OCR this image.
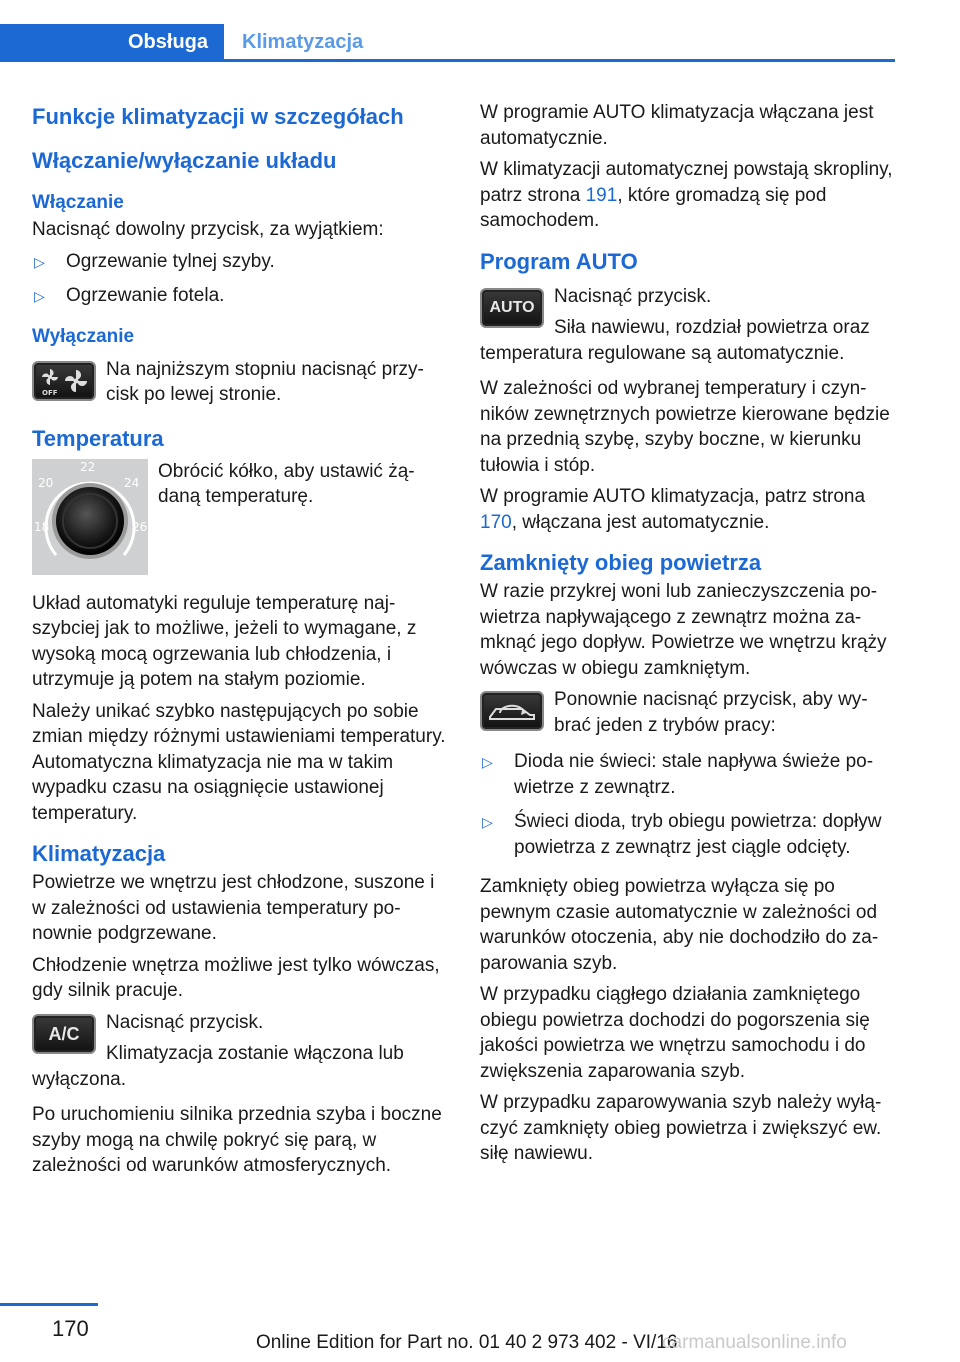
Obsługa	Klimatyzacja
Funkcje klimatyzacji w szczegółach
Włączanie/wyłączanie układu
Włączanie

Nacisnąć dowolny przycisk, za wyjątkiem:

▷ Ogrzewanie tylnej szyby.
▷ Ogrzewanie fotela.
Wyłączanie
OFF

Na najniższym stopniu nacisnąć przycisk po lewej stronie.

Temperatura
22
20	24
18	26

Obrócić kółko, aby ustawić żądaną temperaturę.

Układ automatyki reguluje temperaturę najszybciej jak to możliwe, jeżeli to wymagane, z wysoką mocą ogrzewania lub chłodzenia, i utrzymuje ją potem na stałym poziomie.

Należy unikać szybko następujących po sobie zmian między różnymi ustawieniami temperatury. Automatyczna klimatyzacja nie ma w takim wypadku czasu na osiągnięcie ustawionej temperatury.

Klimatyzacja

Powietrze we wnętrzu jest chłodzone, suszone i w zależności od ustawienia temperatury ponownie podgrzewane.

Chłodzenie wnętrza możliwe jest tylko wówczas, gdy silnik pracuje.

A/C

Nacisnąć przycisk.

Klimatyzacja zostanie włączona lub wyłączona.

Po uruchomieniu silnika przednia szyba i boczne szyby mogą na chwilę pokryć się parą, w zależności od warunków atmosferycznych.

W programie AUTO klimatyzacja włączana jest automatycznie.

W klimatyzacji automatycznej powstają skropliny, patrz strona 191, które gromadzą się pod samochodem.

Program AUTO
AUTO

Nacisnąć przycisk.

Siła nawiewu, rozdział powietrza oraz temperatura regulowane są automatycznie.

W zależności od wybranej temperatury i czynników zewnętrznych powietrze kierowane będzie na przednią szybę, szyby boczne, w kierunku tułowia i stóp.

W programie AUTO klimatyzacja, patrz strona 170, włączana jest automatycznie.

Zamknięty obieg powietrza

W razie przykrej woni lub zanieczyszczenia powietrza napływającego z zewnątrz można zamknąć jego dopływ. Powietrze we wnętrzu krąży wówczas w obiegu zamkniętym.

Ponownie nacisnąć przycisk, aby wybrać jeden z trybów pracy:

▷ Dioda nie świeci: stale napływa świeże powietrze z zewnątrz.
▷ Świeci dioda, tryb obiegu powietrza: dopływ powietrza z zewnątrz jest ciągle odcięty.

Zamknięty obieg powietrza wyłącza się po pewnym czasie automatycznie w zależności od warunków otoczenia, aby nie dochodziło do zaparowania szyb.

W przypadku ciągłego działania zamkniętego obiegu powietrza dochodzi do pogorszenia się jakości powietrza we wnętrzu samochodu i do zwiększenia zaparowania szyb.

W przypadku zaparowywania szyb należy wyłączyć zamknięty obieg powietrza i zwiększyć ew. siłę nawiewu.

170
Online Edition for Part no. 01 40 2 973 402 - VI/16
carmanualsonline.info
